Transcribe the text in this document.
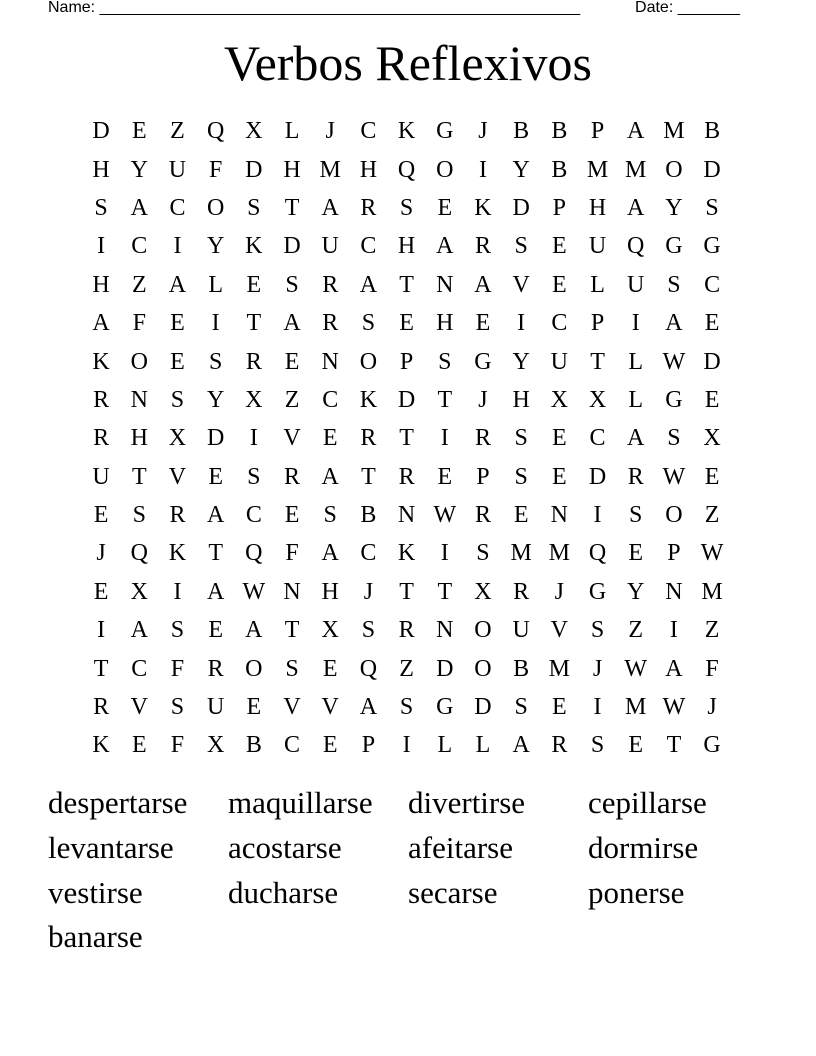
Name: ______________________________________________________	Date: _______
Verbos Reflexivos
D E Z Q X L	J	C K G	J	B B P A M B
H Y U F D H M H Q O	I	Y B M M O D
S A C O S	T A R S	E K D P H A Y S
I	C	I	Y K D U C H A R S	E U Q G G
H Z A L E	S R A T N A V E L U S C
A F	E	I	T A R S	E H E	I	C P	I	A E
K O E	S R E N O P	S G Y U T L W D
R N S Y X Z C K D T	J	H X X L G E
R H X D	I	V E R T	I	R S	E C A S X
U T V E	S R A T R E	P	S	E D R W E
E	S R A C E	S B N W R E N	I	S O Z
J	Q K T Q F A C K	I	S M M Q E	P W
E X	I	A W N H	J	T T X R	J	G Y N M
I	A S	E A T X S R N O U V S	Z	I	Z
T C F R O S	E Q Z D O B M J W A F
R V S U E V V A S G D S	E	I M W J
K E	F X B C E	P	I	L L A R S	E T G
despertarse	maquillarse	divertirse	cepillarse
levantarse	acostarse	afeitarse	dormirse
vestirse	ducharse	secarse	ponerse
banarse
